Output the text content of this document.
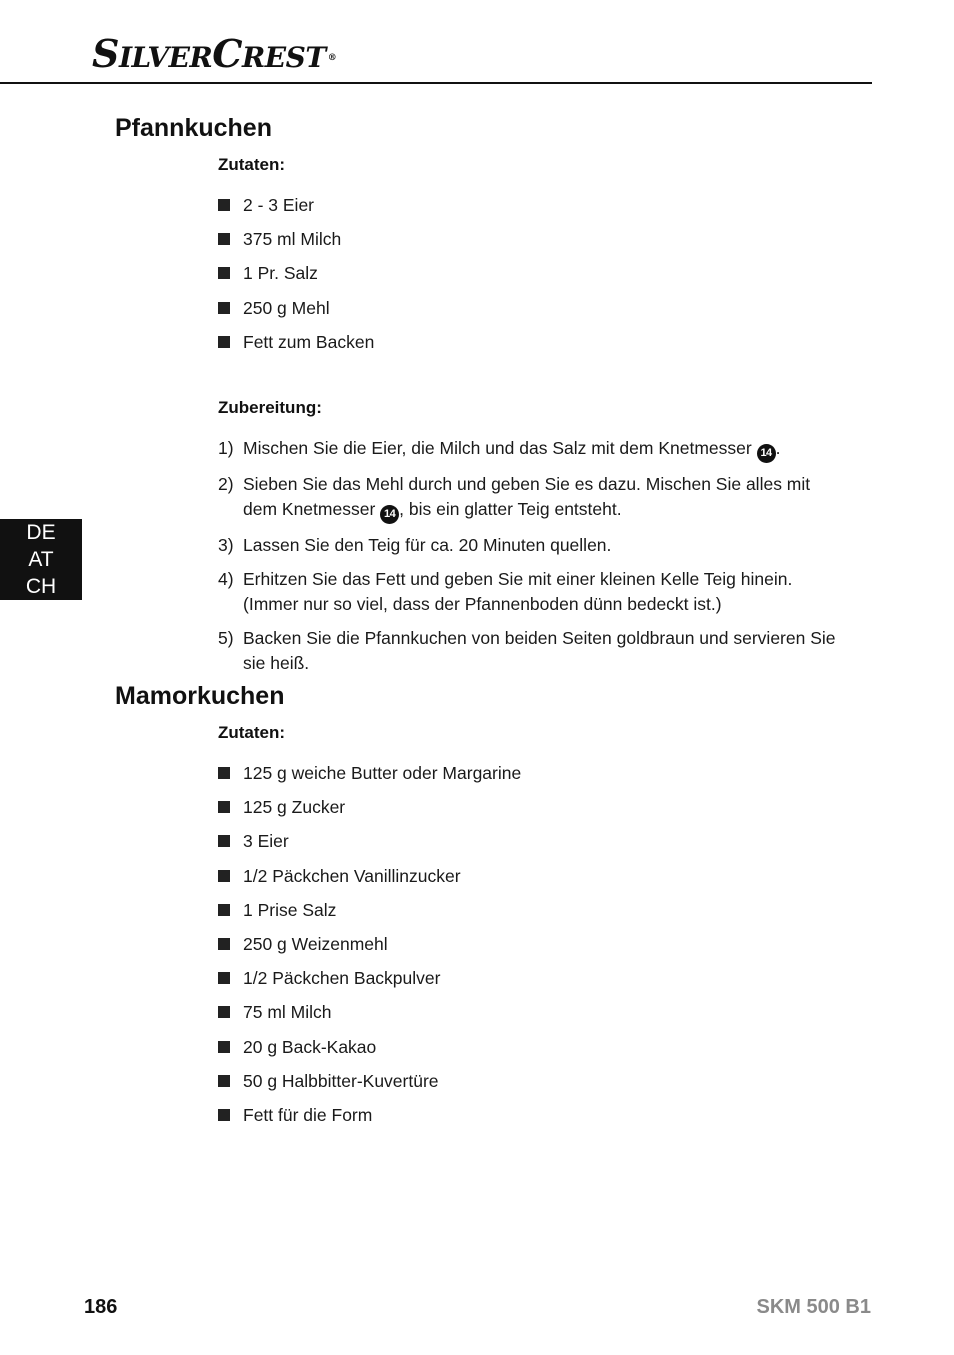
SILVERCREST ®
Pfannkuchen
Zutaten:
2 - 3 Eier
375 ml Milch
1 Pr. Salz
250 g Mehl
Fett zum Backen
Zubereitung:
1) Mischen Sie die Eier, die Milch und das Salz mit dem Knetmesser 14 .
2) Sieben Sie das Mehl durch und geben Sie es dazu. Mischen Sie alles mit dem Knetmesser 14 , bis ein glatter Teig entsteht.
3) Lassen Sie den Teig für ca. 20 Minuten quellen.
4) Erhitzen Sie das Fett und geben Sie mit einer kleinen Kelle Teig hinein. (Immer nur so viel, dass der Pfannenboden dünn bedeckt ist.)
5) Backen Sie die Pfannkuchen von beiden Seiten goldbraun und servieren Sie sie heiß.
Mamorkuchen
Zutaten:
125 g weiche Butter oder Margarine
125 g Zucker
3 Eier
1/2 Päckchen Vanillinzucker
1 Prise Salz
250 g Weizenmehl
1/2 Päckchen Backpulver
75 ml Milch
20 g Back-Kakao
50 g Halbbitter-Kuvertüre
Fett für die Form
DE
AT
CH
186	SKM 500 B1
